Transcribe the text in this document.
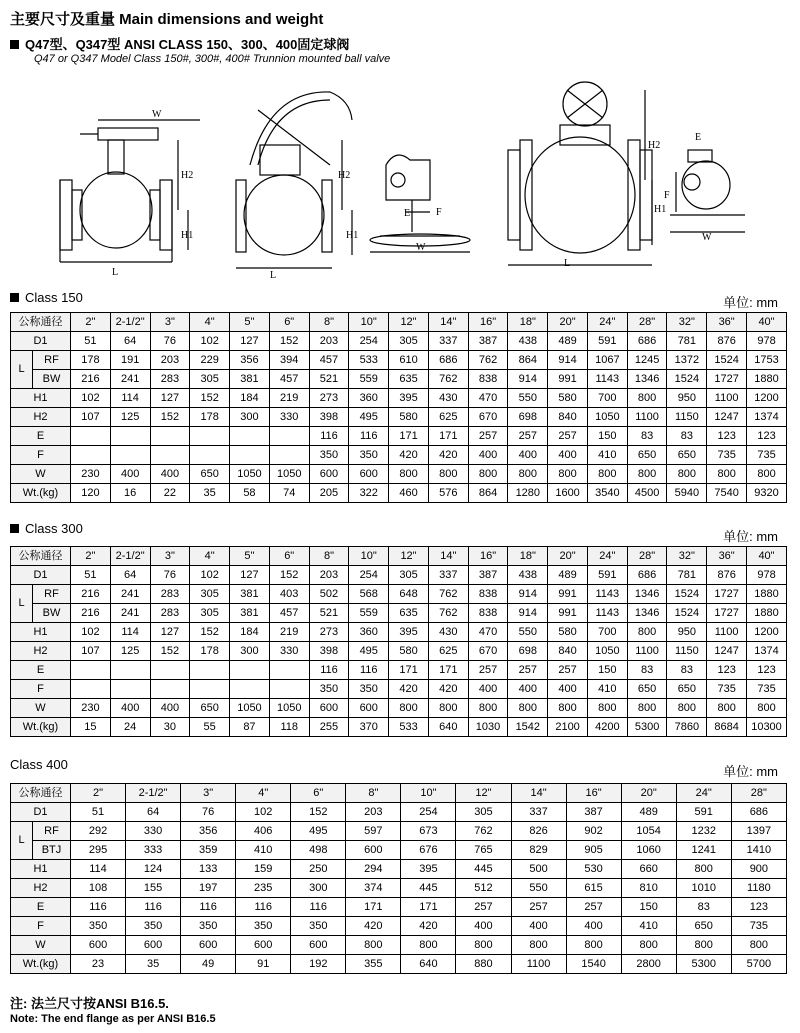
主要尺寸及重量 Main dimensions and weight
Q47型、Q347型 ANSI CLASS 150、300、400固定球阀
Q47 or Q347 Model Class 150#, 300#, 400# Trunnion mounted ball valve
W
L
H2
H1
L
H2
H1
E	F
W
L
H2
H1
E
F
W
Class 150	单位: mm
公称通径		2"	2-1/2"	3"	4"	5"	6"	8"	10"	12"	14"	16"	18"	20"	24"	28"	32"	36"	40"
D1		51	64	76	102	127	152	203	254	305	337	387	438	489	591	686	781	876	978
L	RF	178	191	203	229	356	394	457	533	610	686	762	864	914	1067	1245	1372	1524	1753
	BW	216	241	283	305	381	457	521	559	635	762	838	914	991	1143	1346	1524	1727	1880
H1		102	114	127	152	184	219	273	360	395	430	470	550	580	700	800	950	1100	1200
H2		107	125	152	178	300	330	398	495	580	625	670	698	840	1050	1100	1150	1247	1374
E								116	116	171	171	257	257	257	150	83	83	123	123
F								350	350	420	420	400	400	400	410	650	650	735	735
W		230	400	400	650	1050	1050	600	600	800	800	800	800	800	800	800	800	800	800
Wt.(kg)		120	16	22	35	58	74	205	322	460	576	864	1280	1600	3540	4500	5940	7540	9320
Class 300
单位: mm
公称通径		2"	2-1/2"	3"	4"	5"	6"	8"	10"	12"	14"	16"	18"	20"	24"	28"	32"	36"	40"
D1		51	64	76	102	127	152	203	254	305	337	387	438	489	591	686	781	876	978
L	RF	216	241	283	305	381	403	502	568	648	762	838	914	991	1143	1346	1524	1727	1880
	BW	216	241	283	305	381	457	521	559	635	762	838	914	991	1143	1346	1524	1727	1880
H1		102	114	127	152	184	219	273	360	395	430	470	550	580	700	800	950	1100	1200
H2		107	125	152	178	300	330	398	495	580	625	670	698	840	1050	1100	1150	1247	1374
E								116	116	171	171	257	257	257	150	83	83	123	123
F								350	350	420	420	400	400	400	410	650	650	735	735
W		230	400	400	650	1050	1050	600	600	800	800	800	800	800	800	800	800	800	800
Wt.(kg)		15	24	30	55	87	118	255	370	533	640	1030	1542	2100	4200	5300	7860	8684	10300
Class 400	单位: mm
公称通径		2"	2-1/2"	3"	4"	6"	8"	10"	12"	14"	16"	20"	24"	28"
D1		51	64	76	102	152	203	254	305	337	387	489	591	686
L	RF	292	330	356	406	495	597	673	762	826	902	1054	1232	1397
	BTJ	295	333	359	410	498	600	676	765	829	905	1060	1241	1410
H1		114	124	133	159	250	294	395	445	500	530	660	800	900
H2		108	155	197	235	300	374	445	512	550	615	810	1010	1180
E		116	116	116	116	116	171	171	257	257	257	150	83	123
F		350	350	350	350	350	420	420	400	400	400	410	650	735
W		600	600	600	600	600	800	800	800	800	800	800	800	800
Wt.(kg)		23	35	49	91	192	355	640	880	1100	1540	2800	5300	5700
注: 法兰尺寸按ANSI B16.5.
Note: The end flange as per ANSI B16.5
